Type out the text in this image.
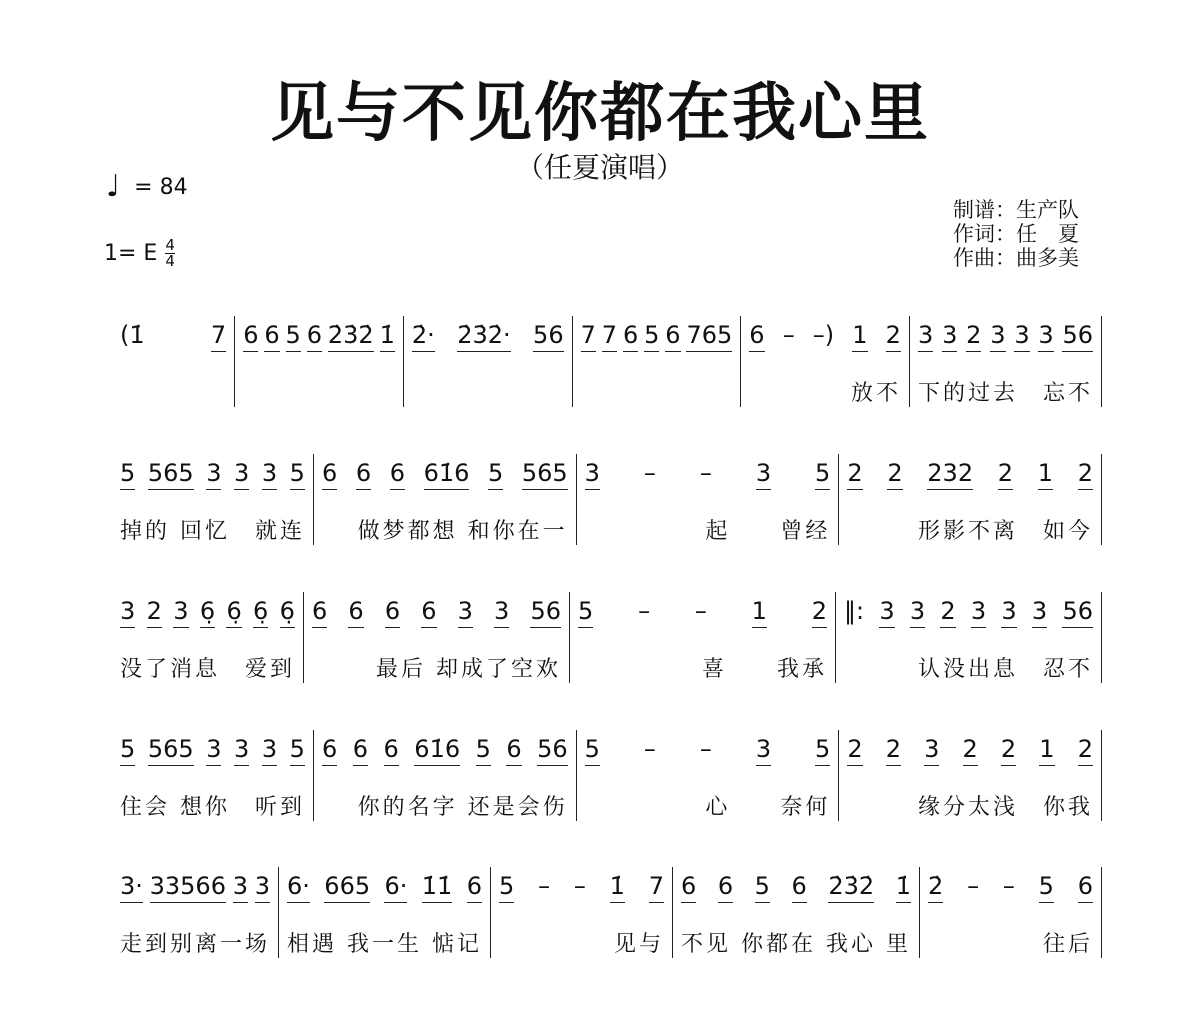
见与不见你都在我心里
（任夏演唱）
♩ = 84
1= E 4
4
制谱：生产队
作词：任　夏
作曲：曲多美
(1̇	7 6 6 5 6 2̇3̇2̇ 1̇ 2̇· 2̇3̇2̇· 56 7 7 6 5 6 765 6 – –) 1 2
放不
3 3 2 3 3 3 56
下的过去　忘不
5 565 3 3 3 5
掉的 回忆　就连
6 6 6 61̇6 5 565
做梦都想 和你在一
3 – – 3 5
起　　曾经
2 2 232 2 1 2
形影不离　如今
3 2 3 6̣ 6̣ 6̣ 6̣
没了消息　爱到
6 6 6 6 3 3 56
最后 却成了空欢
5 – – 1 2
喜　　我承
‖: 3 3 2 3 3 3 56
认没出息　忍不
5 565 3 3 3 5
住会 想你　听到
6 6 6 61̇6 5 6 56
你的名字 还是会伤
5 – – 3 5
心　　奈何
2 2 3 2 2 1 2
缘分太浅　你我
3· 33566 3 3
走到别离一场
6· 665 6· 1̇1̇ 6
相遇 我一生 惦记
5 – – 1̇ 7
见与
6 6 5 6 2̇3̇2̇ 1̇
不见 你都在 我心 里
2̇ – – 5 6
往后
